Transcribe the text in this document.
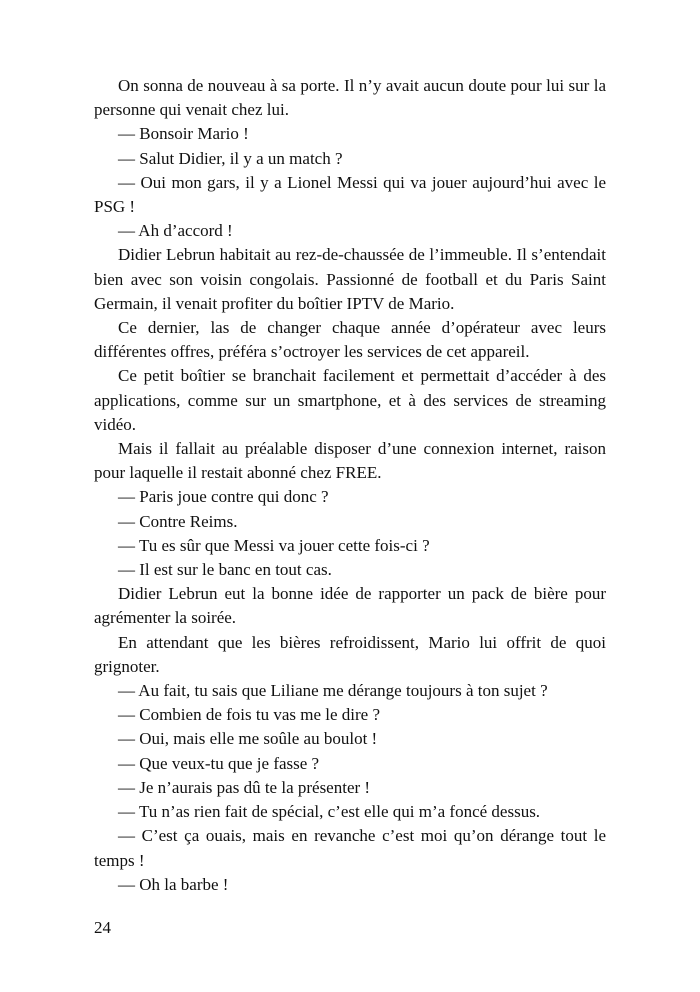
On sonna de nouveau à sa porte. Il n’y avait aucun doute pour lui sur la personne qui venait chez lui.

— Bonsoir Mario !

— Salut Didier, il y a un match ?

— Oui mon gars, il y a Lionel Messi qui va jouer aujourd’hui avec le PSG !

— Ah d’accord !

Didier Lebrun habitait au rez-de-chaussée de l’immeuble. Il s’entendait bien avec son voisin congolais. Passionné de football et du Paris Saint Germain, il venait profiter du boîtier IPTV de Mario.

Ce dernier, las de changer chaque année d’opérateur avec leurs différentes offres, préféra s’octroyer les services de cet appareil.

Ce petit boîtier se branchait facilement et permettait d’accéder à des applications, comme sur un smartphone, et à des services de streaming vidéo.

Mais il fallait au préalable disposer d’une connexion internet, raison pour laquelle il restait abonné chez FREE.

— Paris joue contre qui donc ?

— Contre Reims.

— Tu es sûr que Messi va jouer cette fois-ci ?

— Il est sur le banc en tout cas.

Didier Lebrun eut la bonne idée de rapporter un pack de bière pour agrémenter la soirée.

En attendant que les bières refroidissent, Mario lui offrit de quoi grignoter.

— Au fait, tu sais que Liliane me dérange toujours à ton sujet ?

— Combien de fois tu vas me le dire ?

— Oui, mais elle me soûle au boulot !

— Que veux-tu que je fasse ?

— Je n’aurais pas dû te la présenter !

— Tu n’as rien fait de spécial, c’est elle qui m’a foncé dessus.

— C’est ça ouais, mais en revanche c’est moi qu’on dérange tout le temps !

— Oh la barbe !

24
